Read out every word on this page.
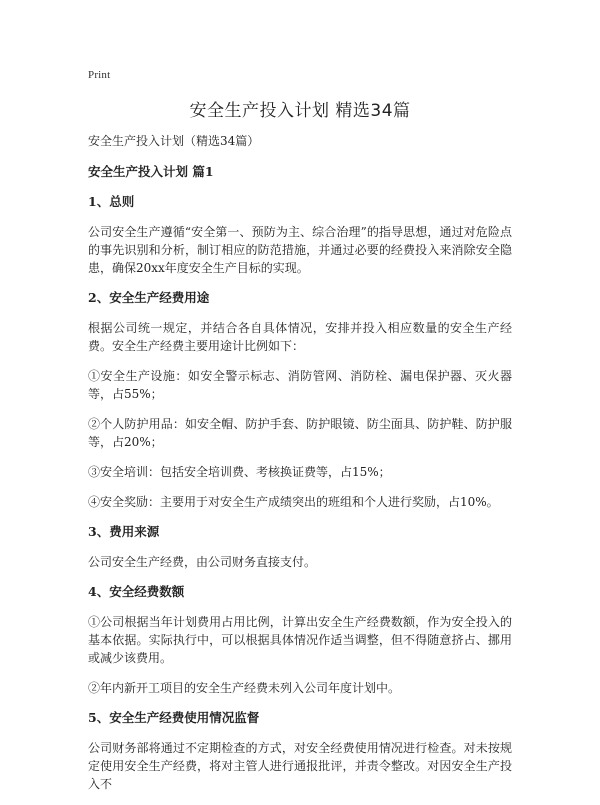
Print
安全生产投入计划 精选34篇

安全生产投入计划（精选34篇）

安全生产投入计划 篇1

1、总则

公司安全生产遵循“安全第一、预防为主、综合治理”的指导思想，通过对危险点的事先识别和分析，制订相应的防范措施，并通过必要的经费投入来消除安全隐患，确保20xx年度安全生产目标的实现。

2、安全生产经费用途

根据公司统一规定，并结合各自具体情况，安排并投入相应数量的安全生产经费。安全生产经费主要用途计比例如下：

①安全生产设施：如安全警示标志、消防管网、消防栓、漏电保护器、灭火器等，占55%；

②个人防护用品：如安全帽、防护手套、防护眼镜、防尘面具、防护鞋、防护服等，占20%；

③安全培训：包括安全培训费、考核换证费等，占15%；

④安全奖励：主要用于对安全生产成绩突出的班组和个人进行奖励，占10%。

3、费用来源

公司安全生产经费，由公司财务直接支付。

4、安全经费数额

①公司根据当年计划费用占用比例，计算出安全生产经费数额，作为安全投入的基本依据。实际执行中，可以根据具体情况作适当调整，但不得随意挤占、挪用或减少该费用。

②年内新开工项目的安全生产经费未列入公司年度计划中。

5、安全生产经费使用情况监督

公司财务部将通过不定期检查的方式，对安全经费使用情况进行检查。对未按规定使用安全生产经费，将对主管人进行通报批评，并责令整改。对因安全生产投入不
